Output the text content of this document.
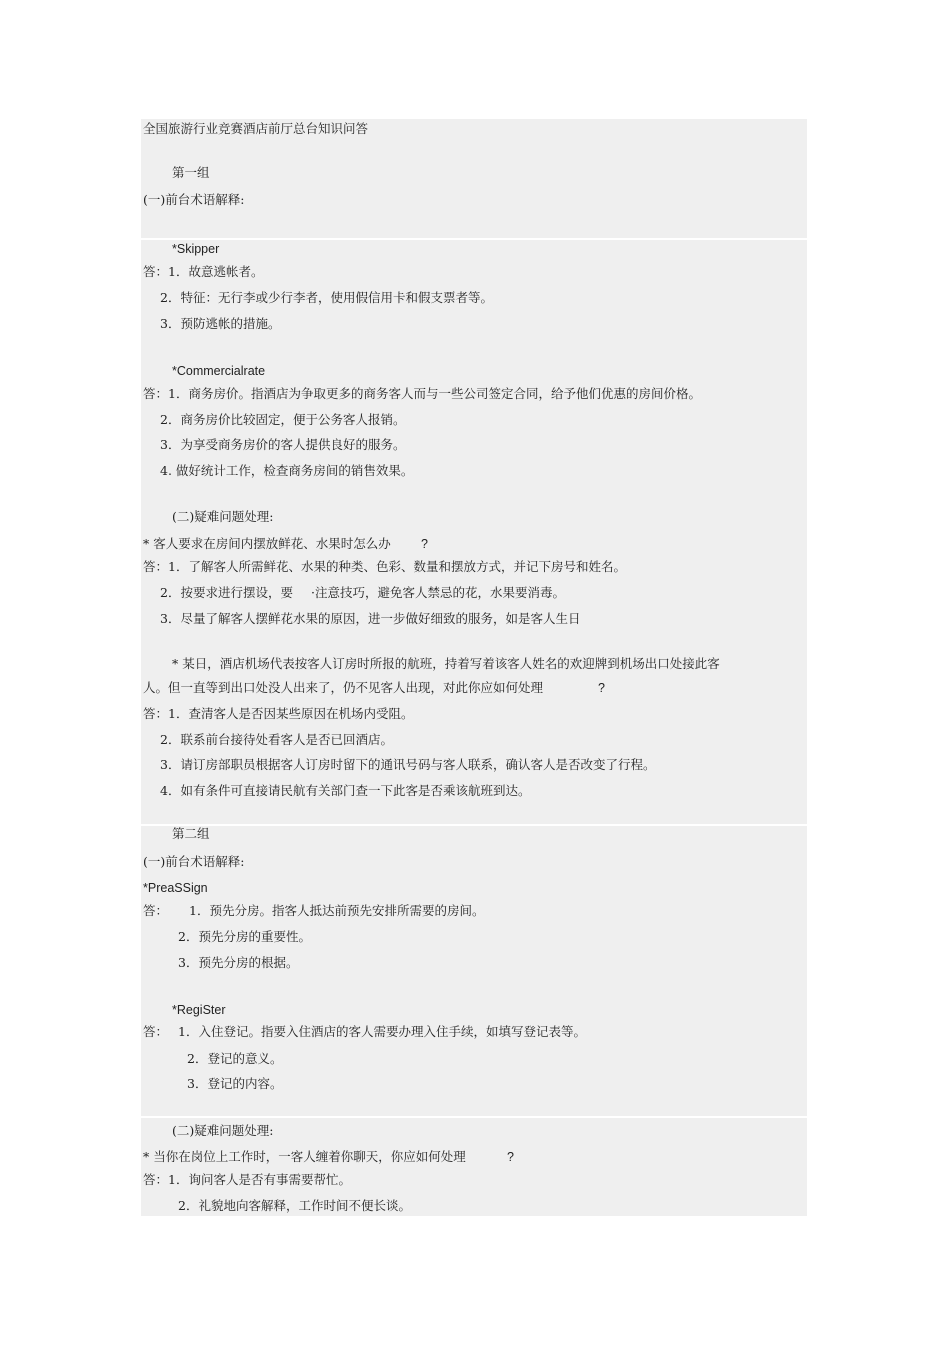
全国旅游行业竞赛酒店前厅总台知识问答

第一组

(一)前台术语解释:

*Skipper

答：1．故意逃帐者。

2．特征：无行李或少行李者，使用假信用卡和假支票者等。

3．预防逃帐的措施。

*Commercialrate

答：1．商务房价。指酒店为争取更多的商务客人而与一些公司签定合同，给予他们优惠的房间价格。

2．商务房价比较固定，便于公务客人报销。

3．为享受商务房价的客人提供良好的服务。

4. 做好统计工作，检查商务房间的销售效果。

(二)疑难问题处理:

* 客人要求在房间内摆放鲜花、水果时怎么办 ?

答：1．了解客人所需鲜花、水果的种类、色彩、数量和摆放方式，并记下房号和姓名。

2．按要求进行摆设，要 ·注意技巧，避免客人禁忌的花，水果要消毒。

3．尽量了解客人摆鲜花水果的原因，进一步做好细致的服务，如是客人生日

* 某日，酒店机场代表按客人订房时所报的航班，持着写着该客人姓名的欢迎牌到机场出口处接此客

人。但一直等到出口处没人出来了，仍不见客人出现，对此你应如何处理	?

答：1．查清客人是否因某些原因在机场内受阻。

2．联系前台接待处看客人是否已回酒店。

3．请订房部职员根据客人订房时留下的通讯号码与客人联系，确认客人是否改变了行程。

4．如有条件可直接请民航有关部门查一下此客是否乘该航班到达。

第二组

(一)前台术语解释:

*PreaSSign

答： 1．预先分房。指客人抵达前预先安排所需要的房间。

2．预先分房的重要性。

3．预先分房的根据。

*RegiSter

答： 1．入住登记。指要入住酒店的客人需要办理入住手续，如填写登记表等。

2．登记的意义。

3．登记的内容。

(二)疑难问题处理:

* 当你在岗位上工作时，一客人缠着你聊天，你应如何处理	?

答：1．询问客人是否有事需要帮忙。

2．礼貌地向客解释，工作时间不便长谈。
